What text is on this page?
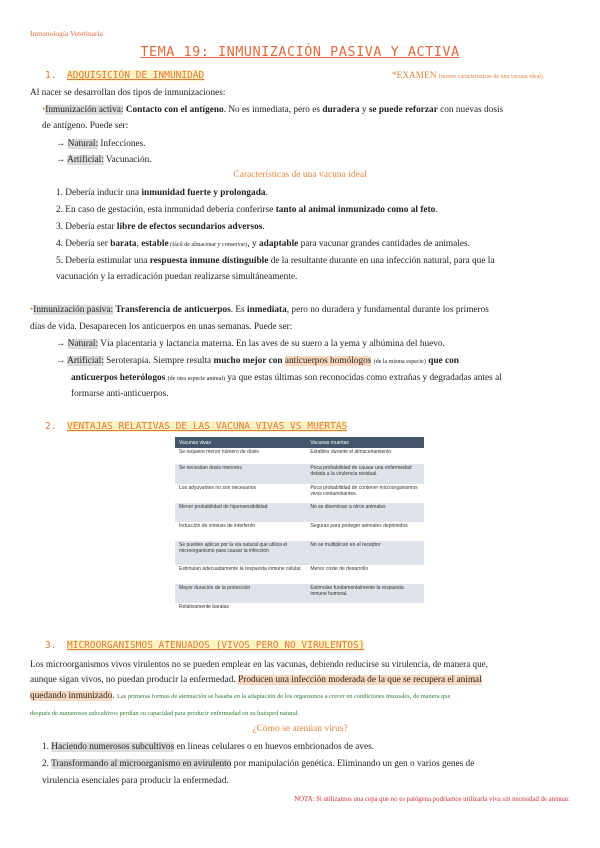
Inmunología Veterinaria
TEMA 19: INMUNIZACIÓN PASIVA Y ACTIVA
1. ADQUISICIÓN DE INMUNIDAD	*EXAMEN (menos características de una vacuna ideal)
Al nacer se desarrollan dos tipos de inmunizaciones:
•Inmunización activa: Contacto con el antígeno. No es inmediata, pero es duradera y se puede reforzar con nuevas dosis
de antígeno. Puede ser:
→ Natural: Infecciones.
→ Artificial: Vacunación.
Características de una vacuna ideal
1. Debería inducir una inmunidad fuerte y prolongada.
2. En caso de gestación, esta inmunidad debería conferirse tanto al animal inmunizado como al feto.
3. Debería estar libre de efectos secundarios adversos.
4. Debería ser barata, estable (fácil de almacenar y conservar), y adaptable para vacunar grandes cantidades de animales.
5. Debería estimular una respuesta inmune distinguible de la resultante durante en una infección natural, para que la
vacunación y la erradicación puedan realizarse simultáneamente.
•Inmunización pasiva: Transferencia de anticuerpos. Es inmediata, pero no duradera y fundamental durante los primeros
días de vida. Desaparecen los anticuerpos en unas semanas. Puede ser:
→ Natural: Vía placentaria y lactancia materna. En las aves de su suero a la yema y albúmina del huevo.
→ Artificial: Seroterapia. Siempre resulta mucho mejor con anticuerpos homólogos (de la misma especie) que con
anticuerpos heterólogos (de otra especie animal) ya que estas últimas son reconocidas como extrañas y degradadas antes al
formarse anti-anticuerpos.
2. VENTAJAS RELATIVAS DE LAS VACUNA VIVAS VS MUERTAS
Vacunas vivas	Vacunas muertas
Se requiere menor número de dosis	Estables durante el almacenamiento
Se necesitan dosis menores	Poca probabilidad de causar una enfermedad debida a la virulencia residual.
Los adyuvantes no son necesarios	Poca probabilidad de contener microorganismos vivos contaminantes.
Menor probabilidad de hipersensibilidad	No se diseminan a otros animales
Inducción de síntesis de interferón	Seguras para proteger animales deprimidos
Se pueden aplicar por la vía natural que utiliza el microorganismo para causar la infección	No se multiplican en el receptor
Estimulan adecuadamente la respuesta inmune celular.	Menor coste de desarrollo
Mayor duración de la protección	Estimulan fundamentalmente la respuesta inmune humoral.
Relativamente baratas	
3. MICROORGANISMOS ATENUADOS (VIVOS PERO NO VIRULENTOS)
Los microorganismos vivos virulentos no se pueden emplear en las vacunas, debiendo reducirse su virulencia, de manera que,
aunque sigan vivos, no puedan producir la enfermedad. Producen una infección moderada de la que se recupera el animal
quedando inmunizado. Las primeras formas de atenuación se basaba en la adaptación de los organismos a crecer en condiciones inusuales, de manera que
después de numerosos subcultivos perdían su capacidad para producir enfermedad en su huésped natural.
¿Cómo se atenúan virus?
1. Haciendo numerosos subcultivos en líneas celulares o en huevos embrionados de aves.
2. Transformando al microorganismo en avirulento por manipulación genética. Eliminando un gen o varios genes de
virulencia esenciales para producir la enfermedad.
NOTA: Si utilizamos una cepa que no es patógena podríamos utilizarla viva sin necesidad de atenuar.
